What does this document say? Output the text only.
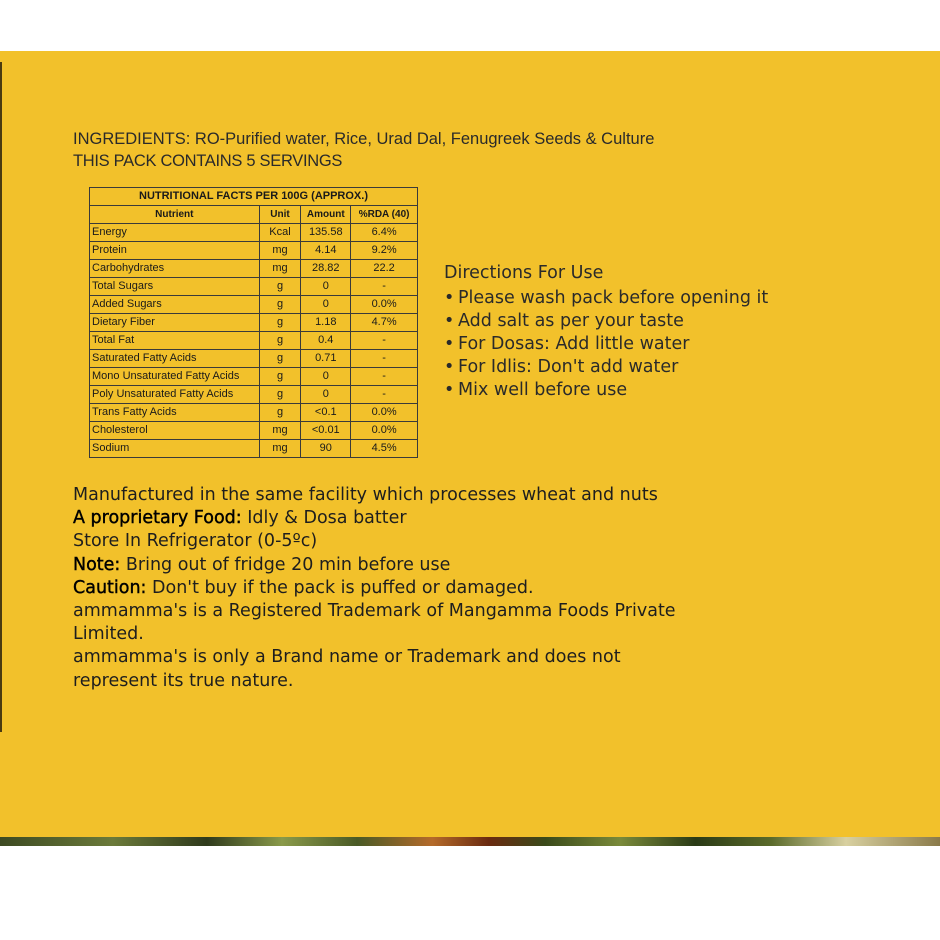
INGREDIENTS: RO-Purified water, Rice, Urad Dal, Fenugreek Seeds & Culture
THIS PACK CONTAINS 5 SERVINGS
NUTRITIONAL FACTS PER 100G (APPROX.)			
Nutrient	Unit	Amount	%RDA (40)
Energy	Kcal	135.58	6.4%
Protein	mg	4.14	9.2%
Carbohydrates	mg	28.82	22.2
Total Sugars	g	0	-
Added Sugars	g	0	0.0%
Dietary Fiber	g	1.18	4.7%
Total Fat	g	0.4	-
Saturated Fatty Acids	g	0.71	-
Mono Unsaturated Fatty Acids	g	0	-
Poly Unsaturated Fatty Acids	g	0	-
Trans Fatty Acids	g	<0.1	0.0%
Cholesterol	mg	<0.01	0.0%
Sodium	mg	90	4.5%
Directions For Use
• Please wash pack before opening it
• Add salt as per your taste
• For Dosas: Add little water
• For Idlis: Don't add water
• Mix well before use
Manufactured in the same facility which processes wheat and nuts
A proprietary Food: Idly & Dosa batter
Store In Refrigerator (0-5ºc)
Note: Bring out of fridge 20 min before use
Caution: Don't buy if the pack is puffed or damaged.
ammamma's is a Registered Trademark of Mangamma Foods Private
Limited.
ammamma's is only a Brand name or Trademark and does not
represent its true nature.
